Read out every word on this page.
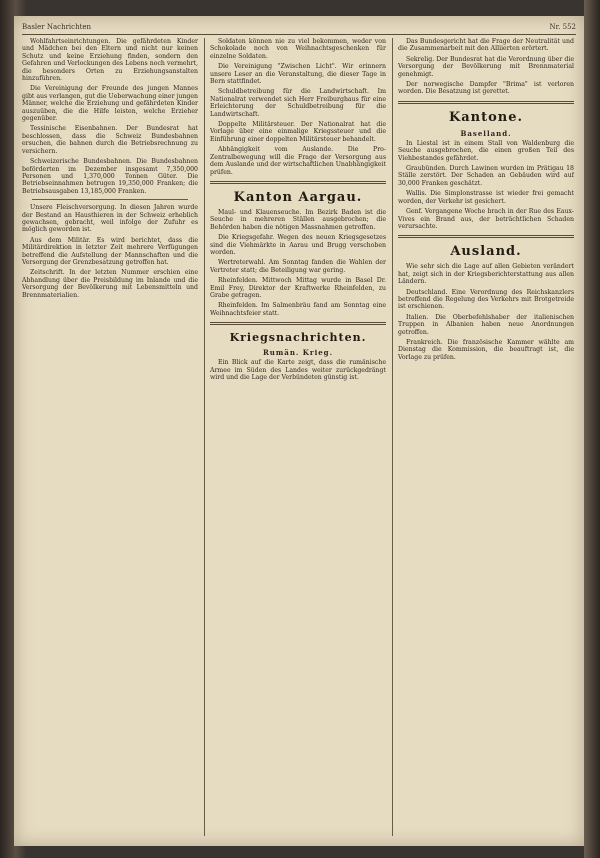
Basler Nachrichten	Nr. 552

Wohlfahrtseinrichtungen. Die gefährdeten Kinder und Mädchen bei den Eltern und nicht nur keinen Schutz und keine Erziehung finden, sondern den Gefahren und Verlockungen des Lebens noch vermehrt, die besonders Orten zu Erziehungsanstalten hinzuführen.

Die Vereinigung der Freunde des jungen Mannes gibt aus verlangen, gut die Ueberwachung einer jungen Männer, welche die Erziehung und gefährdeten Kinder auszuüben, die die Hilfe leisten, welche Erzieher gegenüber.

Tessinische Eisenbahnen. Der Bundesrat hat beschlossen, dass die Schweiz Bundesbahnen ersuchen, die bahnen durch die Betriebsrechnung zu versichern.

Schweizerische Bundesbahnen. Die Bundesbahnen beförderten im Dezember insgesamt 7,350,000 Personen und 1,370,000 Tonnen Güter. Die Betriebseinnahmen betrugen 19,350,000 Franken; die Betriebsausgaben 13,185,000 Franken.

Unsere Fleischversorgung. In diesen Jahren wurde der Bestand an Hausthieren in der Schweiz erheblich gewachsen, gebracht, weil infolge der Zufuhr es möglich geworden ist.

Aus dem Militär. Es wird berichtet, dass die Militärdirektion in letzter Zeit mehrere Verfügungen betreffend die Aufstellung der Mannschaften und die Versorgung der Grenzbesatzung getroffen hat.

Zeitschrift. In der letzten Nummer erschien eine Abhandlung über die Preisbildung im Inlande und die Versorgung der Bevölkerung mit Lebensmitteln und Brennmaterialien.

Soldaten können nie zu viel bekommen, weder von Schokolade noch von Weihnachtsgeschenken für einzelne Soldaten.

Die Vereinigung "Zwischen Licht". Wir erinnern unsere Leser an die Veranstaltung, die dieser Tage in Bern stattfindet.

Schuldbetreibung für die Landwirtschaft. Im Nationalrat verwendet sich Herr Freiburghaus für eine Erleichterung der Schuldbetreibung für die Landwirtschaft.

Doppelte Militärsteuer. Der Nationalrat hat die Vorlage über eine einmalige Kriegssteuer und die Einführung einer doppelten Militärsteuer behandelt.

Abhängigkeit vom Auslande. Die Pro-Zentralbewegung will die Frage der Versorgung aus dem Auslande und der wirtschaftlichen Unabhängigkeit prüfen.

Kanton Aargau.

Maul- und Klauenseuche. Im Bezirk Baden ist die Seuche in mehreren Ställen ausgebrochen; die Behörden haben die nötigen Massnahmen getroffen.

Die Kriegsgefahr. Wegen des neuen Kriegsgesetzes sind die Viehmärkte in Aarau und Brugg verschoben worden.

Wertreterwahl. Am Sonntag fanden die Wahlen der Vertreter statt; die Beteiligung war gering.

Rheinfelden. Mittwoch Mittag wurde in Basel Dr. Emil Frey, Direktor der Kraftwerke Rheinfelden, zu Grabe getragen.

Rheinfelden. Im Salmenbräu fand am Sonntag eine Weihnachtsfeier statt.

Kriegsnachrichten.
Rumän. Krieg.

Ein Blick auf die Karte zeigt, dass die rumänische Armee im Süden des Landes weiter zurückgedrängt wird und die Lage der Verbündeten günstig ist.

Das Bundesgericht hat die Frage der Neutralität und die Zusammenarbeit mit den Alliierten erörtert.

Sekrelig. Der Bundesrat hat die Verordnung über die Versorgung der Bevölkerung mit Brennmaterial genehmigt.

Der norwegische Dampfer "Brima" ist verloren worden. Die Besatzung ist gerettet.

Kantone.
Baselland.

In Liestal ist in einem Stall von Waldenburg die Seuche ausgebrochen, die einen großen Teil des Viehbestandes gefährdet.

Graubünden. Durch Lawinen wurden im Prätigau 18 Ställe zerstört. Der Schaden an Gebäuden wird auf 30,000 Franken geschätzt.

Wallis. Die Simplonstrasse ist wieder frei gemacht worden, der Verkehr ist gesichert.

Genf. Vergangene Woche brach in der Rue des Eaux-Vives ein Brand aus, der beträchtlichen Schaden verursachte.

Ausland.

Wie sehr sich die Lage auf allen Gebieten verändert hat, zeigt sich in der Kriegsberichterstattung aus allen Ländern.

Deutschland. Eine Verordnung des Reichskanzlers betreffend die Regelung des Verkehrs mit Brotgetreide ist erschienen.

Italien. Die Oberbefehlshaber der italienischen Truppen in Albanien haben neue Anordnungen getroffen.

Frankreich. Die französische Kammer wählte am Dienstag die Kommission, die beauftragt ist, die Vorlage zu prüfen.
